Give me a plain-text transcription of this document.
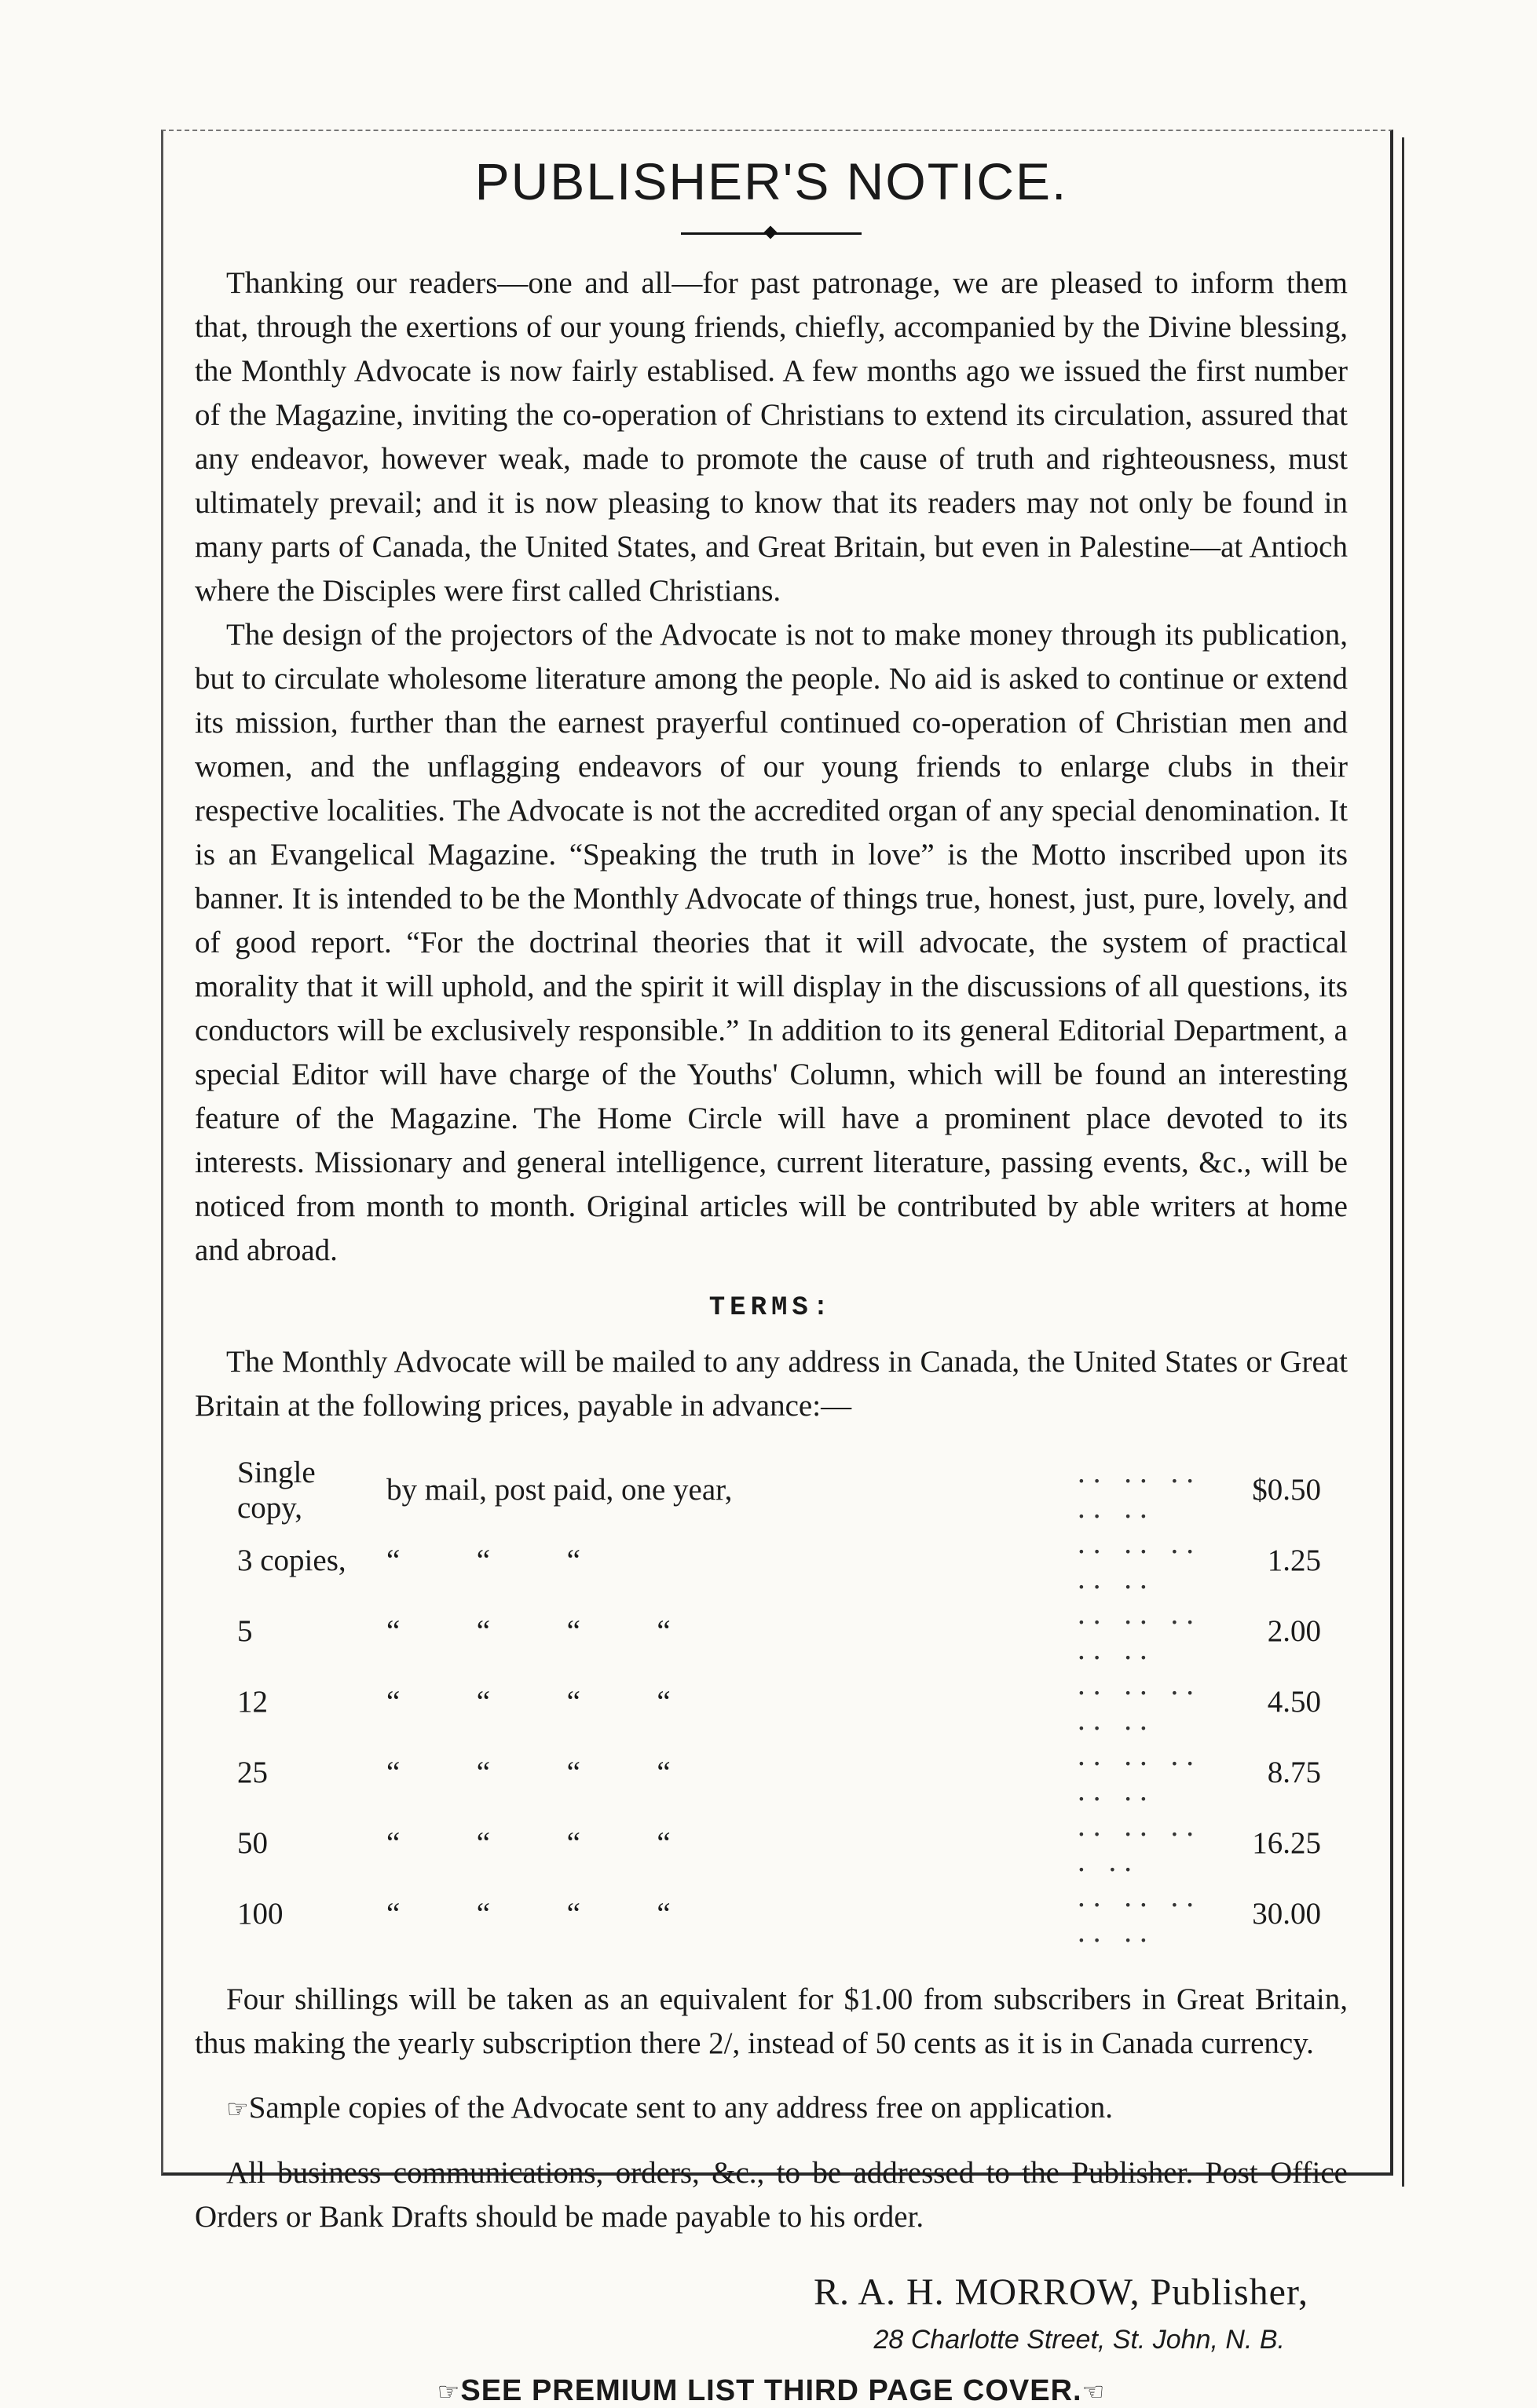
PUBLISHER'S NOTICE.

Thanking our readers—one and all—for past patronage, we are pleased to inform them that, through the exertions of our young friends, chiefly, accompanied by the Divine blessing, the Monthly Advocate is now fairly establised. A few months ago we issued the first number of the Magazine, inviting the co-operation of Christians to extend its circulation, assured that any endeavor, however weak, made to promote the cause of truth and righteousness, must ultimately prevail; and it is now pleasing to know that its readers may not only be found in many parts of Canada, the United States, and Great Britain, but even in Palestine—at Antioch where the Disciples were first called Christians.

The design of the projectors of the Advocate is not to make money through its publication, but to circulate wholesome literature among the people. No aid is asked to continue or extend its mission, further than the earnest prayerful continued co-operation of Christian men and women, and the unflagging endeavors of our young friends to enlarge clubs in their respective localities. The Advocate is not the accredited organ of any special denomination. It is an Evangelical Magazine. “Speaking the truth in love” is the Motto inscribed upon its banner. It is intended to be the Monthly Advocate of things true, honest, just, pure, lovely, and of good report. “For the doctrinal theories that it will advocate, the system of practical morality that it will uphold, and the spirit it will display in the discussions of all questions, its conductors will be exclusively responsible.” In addition to its general Editorial Department, a special Editor will have charge of the Youths' Column, which will be found an interesting feature of the Magazine. The Home Circle will have a prominent place devoted to its interests. Missionary and general intelligence, current literature, passing events, &c., will be noticed from month to month. Original articles will be contributed by able writers at home and abroad.

TERMS:

The Monthly Advocate will be mailed to any address in Canada, the United States or Great Britain at the following prices, payable in advance:—

Single copy,	by mail, post paid, one year,	.. .. .. .. ..	$0.50
3 copies,	“          “          “	.. .. .. .. ..	1.25
5	“          “          “          “	.. .. .. .. ..	2.00
12	“          “          “          “	.. .. .. .. ..	4.50
25	“          “          “          “	.. .. .. .. ..	8.75
50	“          “          “          “	.. .. .. . ..	16.25
100	“          “          “          “	.. .. .. .. ..	30.00

Four shillings will be taken as an equivalent for $1.00 from subscribers in Great Britain, thus making the yearly subscription there 2/, instead of 50 cents as it is in Canada currency.

☞Sample copies of the Advocate sent to any address free on application.

All business communications, orders, &c., to be addressed to the Publisher. Post Office Orders or Bank Drafts should be made payable to his order.

R. A. H. MORROW, Publisher,
28 Charlotte Street, St. John, N. B.
☞SEE PREMIUM LIST THIRD PAGE COVER.☜
